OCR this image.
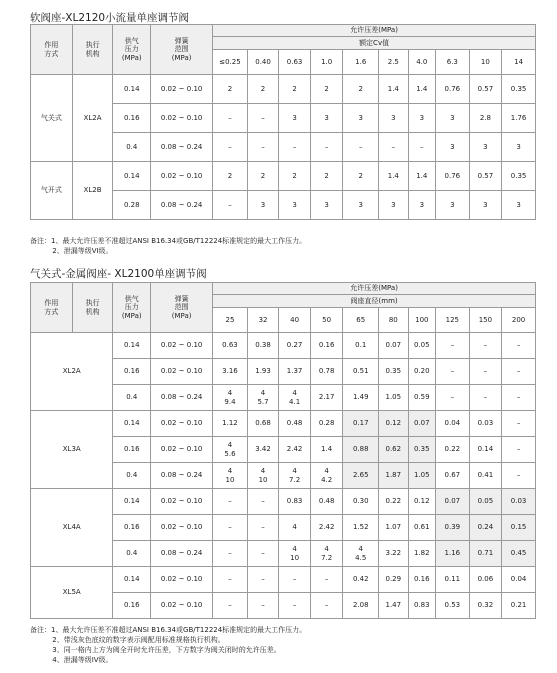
软阀座-XL2120小流量单座调节阀
作用
方式	执行
机构	供气
压力
(MPa)	弹簧
范围
(MPa)	允许压差(MPa)									
				额定Cv值									
				≤0.25	0.40	0.63	1.0	1.6	2.5	4.0	6.3	10	14
气关式	XL2A	0.14	0.02 ~ 0.10	2	2	2	2	2	1.4	1.4	0.76	0.57	0.35

		0.16	0.02 ~ 0.10	–	–	3	3	3	3	3	3	2.8	1.76

		0.4	0.08 ~ 0.24	–	–	–	–	–	–	–	3	3	3

气开式	XL2B	0.14	0.02 ~ 0.10	2	2	2	2	2	1.4	1.4	0.76	0.57	0.35

		0.28	0.08 ~ 0.24	–	3	3	3	3	3	3	3	3	3
备注：1、最大允许压差不准超过ANSI B16.34或GB/T12224标准规定的最大工作压力。
2、泄漏等级VI级。
气关式-金属阀座- XL2100单座调节阀
作用
方式	执行
机构	供气
压力
(MPa)	弹簧
范围
(MPa)	允许压差(MPa)									
				阀座直径(mm)									
				25	32	40	50	65	80	100	125	150	200
XL2A		0.14	0.02 ~ 0.10	0.63	0.38	0.27	0.16	0.1	0.07	0.05	–	–	–

		0.16	0.02 ~ 0.10	3.16	1.93	1.37	0.78	0.51	0.35	0.20	–	–	–

		0.4	0.08 ~ 0.24	4
9.4	4
5.7	4
4.1	2.17	1.49	1.05	0.59	–	–	–

XL3A		0.14	0.02 ~ 0.10	1.12	0.68	0.48	0.28	0.17	0.12	0.07	0.04	0.03	–

		0.16	0.02 ~ 0.10	4
5.6	3.42	2.42	1.4	0.88	0.62	0.35	0.22	0.14	–

		0.4	0.08 ~ 0.24	4
10	4
10	4
7.2	4
4.2	2.65	1.87	1.05	0.67	0.41	–

XL4A		0.14	0.02 ~ 0.10	–	–	0.83	0.48	0.30	0.22	0.12	0.07	0.05	0.03

		0.16	0.02 ~ 0.10	–	–	4	2.42	1.52	1.07	0.61	0.39	0.24	0.15

		0.4	0.08 ~ 0.24	–	–	4
10	4
7.2	4
4.5	3.22	1.82	1.16	0.71	0.45

XL5A		0.14	0.02 ~ 0.10	–	–	–	–	0.42	0.29	0.16	0.11	0.06	0.04

		0.16	0.02 ~ 0.10	–	–	–	–	2.08	1.47	0.83	0.53	0.32	0.21
备注：1、最大允许压差不准超过ANSI B16.34或GB/T12224标准规定的最大工作压力。
2、带浅灰色底纹的数字表示阀配用标准规格执行机构。
3、同一格内上方为阀全开时允许压差，下方数字为阀关闭时的允许压差。
4、泄漏等级IV级。
